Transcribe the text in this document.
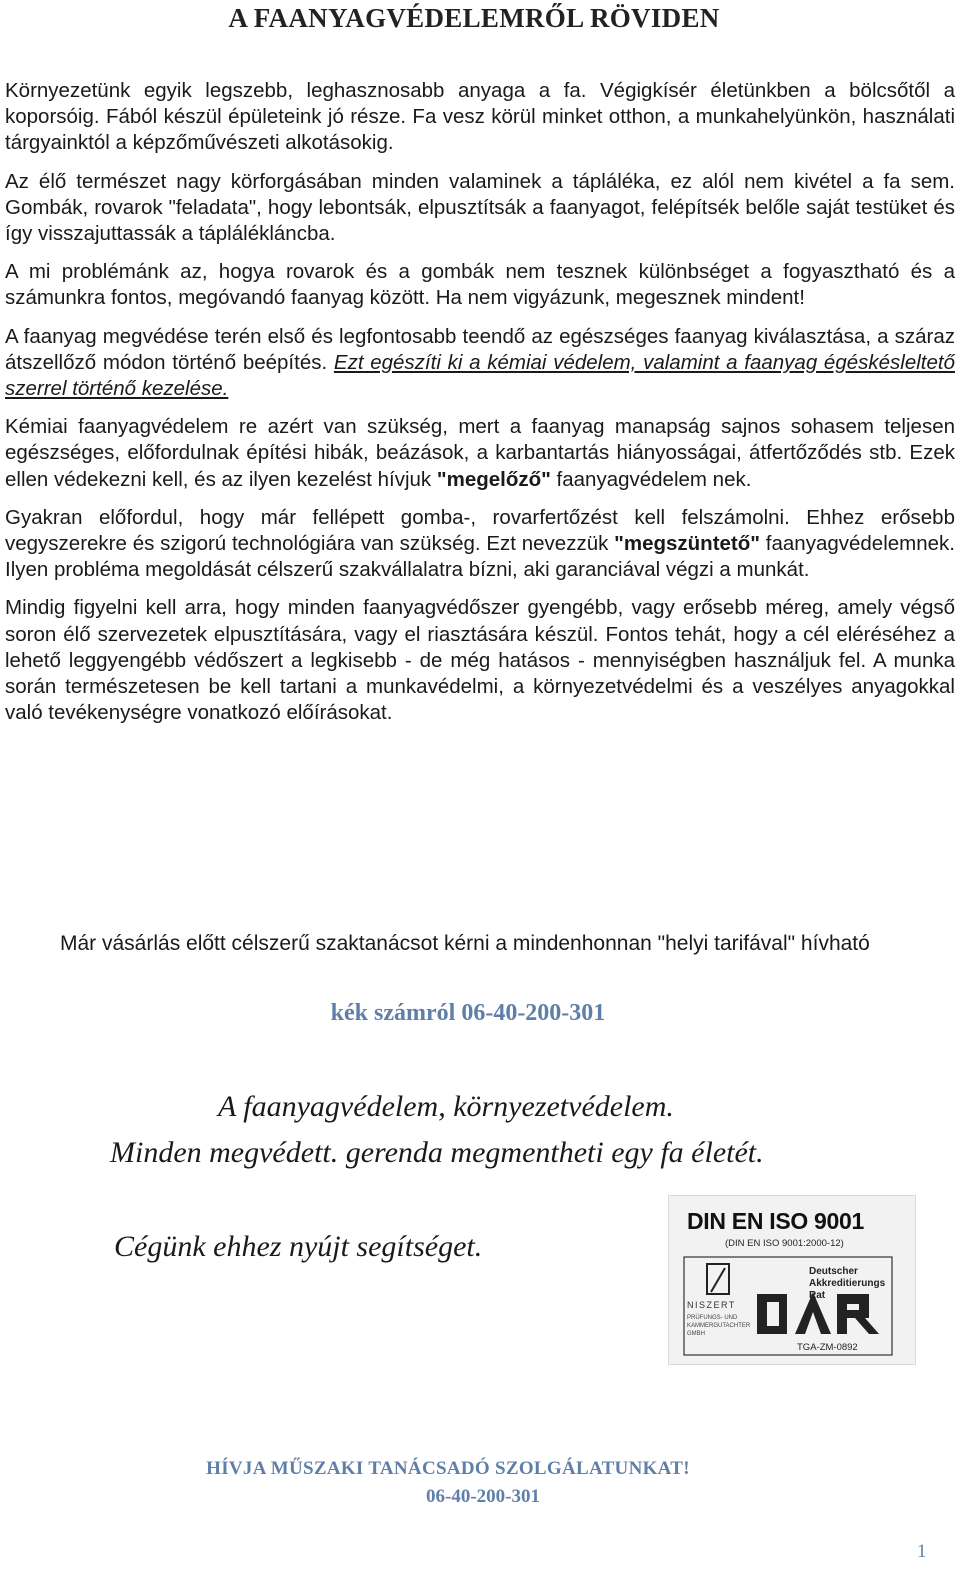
A FAANYAGVÉDELEMRŐL RÖVIDEN

Környezetünk egyik legszebb, leghasznosabb anyaga a fa. Végigkísér életünkben a bölcsőtől a koporsóig. Fából készül épületeink jó része. Fa vesz körül minket otthon, a munkahelyünkön, használati tárgyainktól a képzőművészeti alkotásokig.

Az élő természet nagy körforgásában minden valaminek a tápláléka, ez alól nem kivétel a fa sem. Gombák, rovarok "feladata", hogy lebontsák, elpusztítsák a faanyagot, felépítsék belőle saját testüket és így visszajuttassák a táplálékláncba.

A mi problémánk az, hogya rovarok és a gombák nem tesznek különbséget a fogyasztható és a számunkra fontos, megóvandó faanyag között. Ha nem vigyázunk, megesznek mindent!

A faanyag megvédése terén első és legfontosabb teendő az egészséges faanyag kiválasztása, a száraz átszellőző módon történő beépítés. Ezt egészíti ki a kémiai védelem, valamint a faanyag égéskésleltető szerrel történő kezelése.

Kémiai faanyagvédelem re azért van szükség, mert a faanyag manapság sajnos sohasem teljesen egészséges, előfordulnak építési hibák, beázások, a karbantartás hiányosságai, átfertőződés stb. Ezek ellen védekezni kell, és az ilyen kezelést hívjuk "megelőző" faanyagvédelem nek.

Gyakran előfordul, hogy már fellépett gomba-, rovarfertőzést kell felszámolni. Ehhez erősebb vegyszerekre és szigorú technológiára van szükség. Ezt nevezzük "megszüntető" faanyagvédelemnek. Ilyen probléma megoldását célszerű szakvállalatra bízni, aki garanciával végzi a munkát.

Mindig figyelni kell arra, hogy minden faanyagvédőszer gyengébb, vagy erősebb méreg, amely végső soron élő szervezetek elpusztítására, vagy el riasztására készül. Fontos tehát, hogy a cél eléréséhez a lehető leggyengébb védőszert a legkisebb - de még hatásos - mennyiségben használjuk fel. A munka során természetesen be kell tartani a munkavédelmi, a környezetvédelmi és a veszélyes anyagokkal való tevékenységre vonatkozó előírásokat.

Már vásárlás előtt célszerű szaktanácsot kérni a mindenhonnan "helyi tarifával" hívható
kék számról 06-40-200-301
A faanyagvédelem, környezetvédelem.
Minden megvédett. gerenda megmentheti egy fa életét.
Cégünk ehhez nyújt segítséget.
DIN EN ISO 9001
(DIN EN ISO 9001:2000-12)
NISZERT
PRÜFUNGS- UND KAMMERGUTACHTER GMBH
Deutscher
Akkreditierungs
Rat
TGA-ZM-0892
HÍVJA MŰSZAKI TANÁCSADÓ SZOLGÁLATUNKAT!
06-40-200-301
1
